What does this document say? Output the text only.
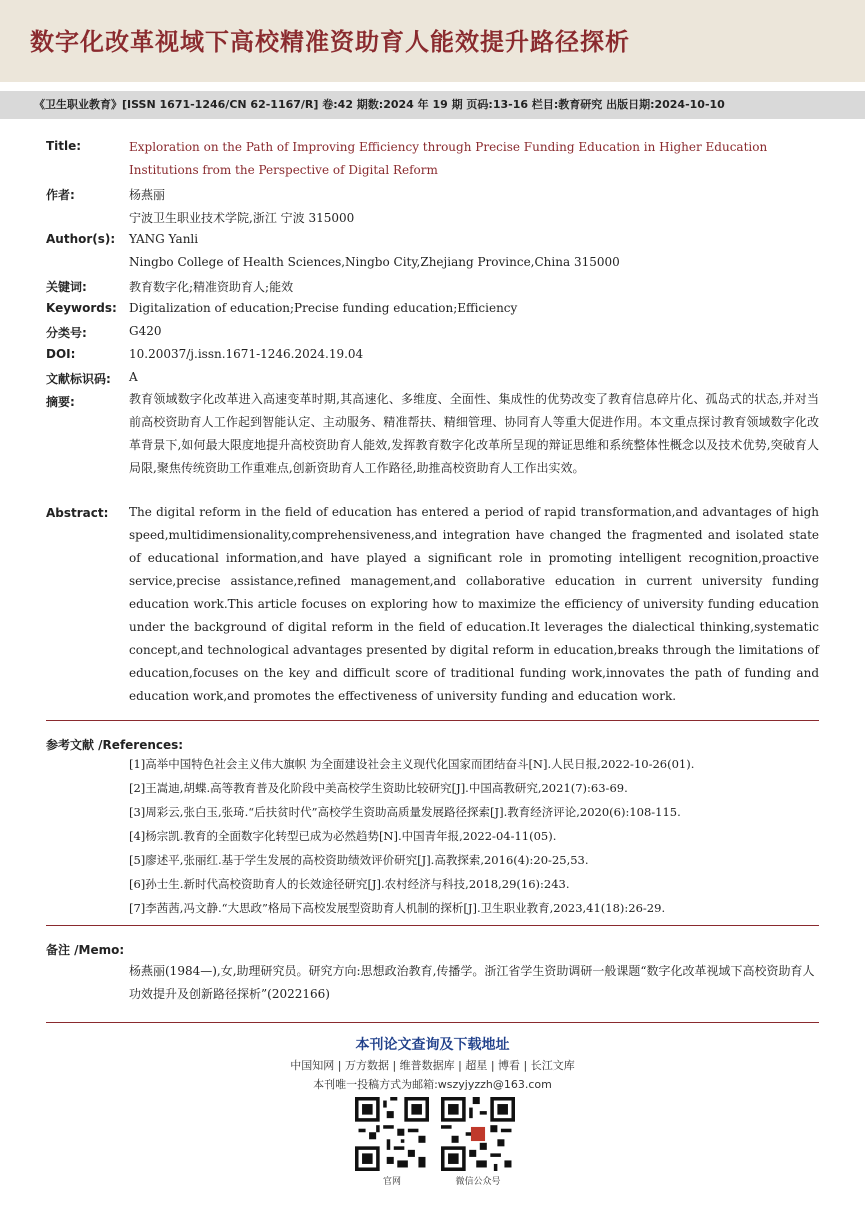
数字化改革视域下高校精准资助育人能效提升路径探析
《卫生职业教育》[ISSN 1671-1246/CN 62-1167/R] 卷:42 期数:2024 年 19 期 页码:13-16 栏目:教育研究 出版日期:2024-10-10
Title:	Exploration on the Path of Improving Efficiency through Precise Funding Education in Higher Education Institutions from the Perspective of Digital Reform
作者:	杨燕丽
宁波卫生职业技术学院,浙江 宁波 315000
Author(s): YANG Yanli
Ningbo College of Health Sciences,Ningbo City,Zhejiang Province,China 315000
关键词:	教育数字化;精准资助育人;能效
Keywords: Digitalization of education;Precise funding education;Efficiency
分类号:	G420
DOI:	10.20037/j.issn.1671-1246.2024.19.04
文献标识码: A
摘要:	教育领域数字化改革进入高速变革时期,其高速化、多维度、全面性、集成性的优势改变了教育信息碎片化、孤岛式的状态,并对当前高校资助育人工作起到智能认定、主动服务、精准帮扶、精细管理、协同育人等重大促进作用。本文重点探讨教育领域数字化改革背景下,如何最大限度地提升高校资助育人能效,发挥教育数字化改革所呈现的辩证思维和系统整体性概念以及技术优势,突破育人局限,聚焦传统资助工作重难点,创新资助育人工作路径,助推高校资助育人工作出实效。
Abstract: The digital reform in the field of education has entered a period of rapid transformation,and advantages of high speed,multidimensionality,comprehensiveness,and integration have changed the fragmented and isolated state of educational information,and have played a significant role in promoting intelligent recognition,proactive service,precise assistance,refined management,and collaborative education in current university funding education work.This article focuses on exploring how to maximize the efficiency of university funding education under the background of digital reform in the field of education.It leverages the dialectical thinking,systematic concept,and technological advantages presented by digital reform in education,breaks through the limitations of education,focuses on the key and difficult score of traditional funding work,innovates the path of funding and education work,and promotes the effectiveness of university funding and education work.
参考文献 /References:
[1]高举中国特色社会主义伟大旗帜 为全面建设社会主义现代化国家而团结奋斗[N].人民日报,2022-10-26(01).
[2]王嵩迪,胡蝶.高等教育普及化阶段中美高校学生资助比较研究[J].中国高教研究,2021(7):63-69.
[3]周彩云,张白玉,张琦.“后扶贫时代”高校学生资助高质量发展路径探索[J].教育经济评论,2020(6):108-115.
[4]杨宗凯.教育的全面数字化转型已成为必然趋势[N].中国青年报,2022-04-11(05).
[5]廖述平,张丽红.基于学生发展的高校资助绩效评价研究[J].高教探索,2016(4):20-25,53.
[6]孙士生.新时代高校资助育人的长效途径研究[J].农村经济与科技,2018,29(16):243.
[7]李茜茜,冯文静.“大思政”格局下高校发展型资助育人机制的探析[J].卫生职业教育,2023,41(18):26-29.
备注 /Memo:
杨燕丽(1984—),女,助理研究员。研究方向:思想政治教育,传播学。浙江省学生资助调研一般课题“数字化改革视域下高校资助育人功效提升及创新路径探析”(2022166)
本刊论文查询及下载地址
中国知网 | 万方数据 | 维普数据库 | 超星 | 博看 | 长江文库
本刊唯一投稿方式为邮箱:wszyjyzzh@163.com
官网	微信公众号
